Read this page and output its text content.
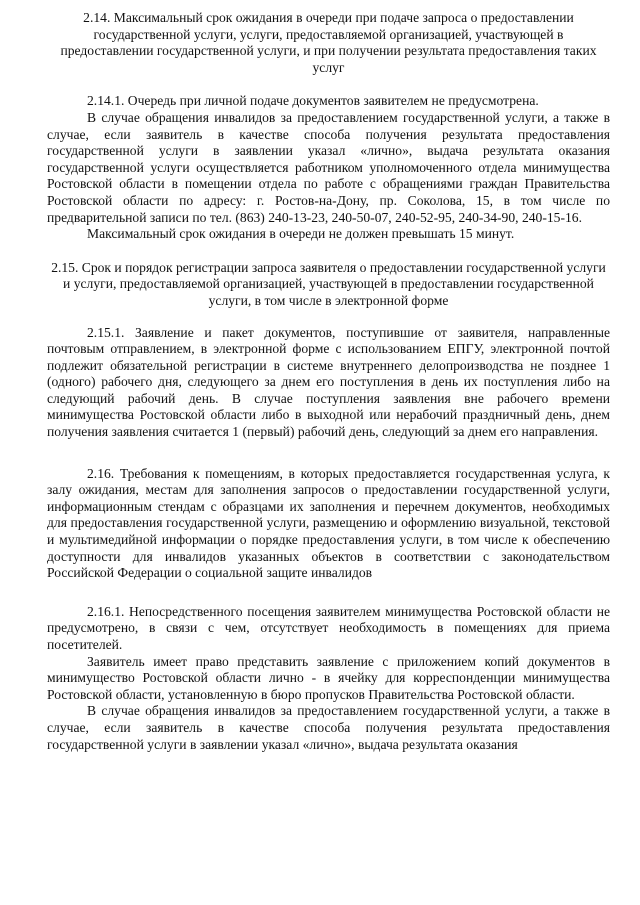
2.14. Максимальный срок ожидания в очереди при подаче запроса о предоставлении государственной услуги, услуги, предоставляемой организацией, участвующей в предоставлении государственной услуги, и при получении результата предоставления таких услуг

2.14.1. Очередь при личной подаче документов заявителем не предусмотрена.

В случае обращения инвалидов за предоставлением государственной услуги, а также в случае, если заявитель в качестве способа получения результата предоставления государственной услуги в заявлении указал «лично», выдача результата оказания государственной услуги осуществляется работником уполномоченного отдела минимущества Ростовской области в помещении отдела по работе с обращениями граждан Правительства Ростовской области по адресу: г. Ростов-на-Дону, пр. Соколова, 15, в том числе по предварительной записи по тел. (863) 240-13-23, 240-50-07, 240-52-95, 240-34-90, 240-15-16.

Максимальный срок ожидания в очереди не должен превышать 15 минут.

2.15. Срок и порядок регистрации запроса заявителя о предоставлении государственной услуги и услуги, предоставляемой организацией, участвующей в предоставлении государственной услуги, в том числе в электронной форме

2.15.1. Заявление и пакет документов, поступившие от заявителя, направленные почтовым отправлением, в электронной форме с использованием ЕПГУ, электронной почтой подлежит обязательной регистрации в системе внутреннего делопроизводства не позднее 1 (одного) рабочего дня, следующего за днем его поступления в день их поступления либо на следующий рабочий день. В случае поступления заявления вне рабочего времени минимущества Ростовской области либо в выходной или нерабочий праздничный день, днем получения заявления считается 1 (первый) рабочий день, следующий за днем его направления.

2.16. Требования к помещениям, в которых предоставляется государственная услуга, к залу ожидания, местам для заполнения запросов о предоставлении государственной услуги, информационным стендам с образцами их заполнения и перечнем документов, необходимых для предоставления государственной услуги, размещению и оформлению визуальной, текстовой и мультимедийной информации о порядке предоставления услуги, в том числе к обеспечению доступности для инвалидов указанных объектов в соответствии с законодательством Российской Федерации о социальной защите инвалидов

2.16.1. Непосредственного посещения заявителем минимущества Ростовской области не предусмотрено, в связи с чем, отсутствует необходимость в помещениях для приема посетителей.

Заявитель имеет право представить заявление с приложением копий документов в минимущество Ростовской области лично - в ячейку для корреспонденции минимущества Ростовской области, установленную в бюро пропусков Правительства Ростовской области.

В случае обращения инвалидов за предоставлением государственной услуги, а также в случае, если заявитель в качестве способа получения результата предоставления государственной услуги в заявлении указал «лично», выдача результата оказания
